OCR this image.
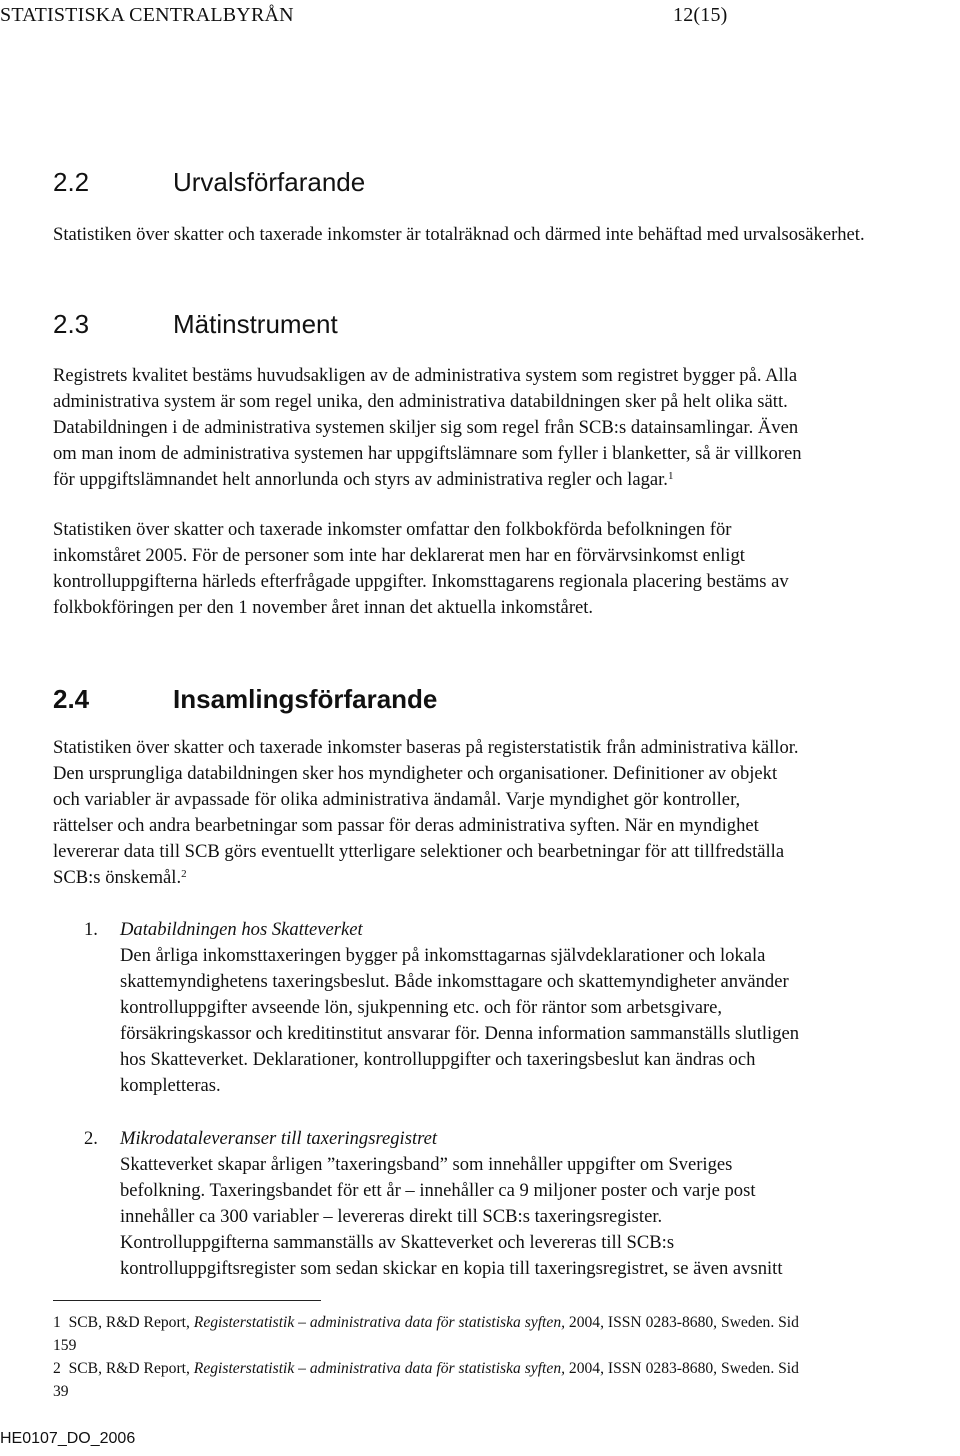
STATISTISKA CENTRALBYRÅN	12(15)
2.2	Urvalsförfarande

Statistiken över skatter och taxerade inkomster är totalräknad och därmed inte behäftad med urvalsosäkerhet.

2.3	Mätinstrument
Registrets kvalitet bestäms huvudsakligen av de administrativa system som registret bygger på. Alla
administrativa system är som regel unika, den administrativa databildningen sker på helt olika sätt.
Databildningen i de administrativa systemen skiljer sig som regel från SCB:s datainsamlingar. Även
om man inom de administrativa systemen har uppgiftslämnare som fyller i blanketter, så är villkoren
för uppgiftslämnandet helt annorlunda och styrs av administrativa regler och lagar.$^1$
Statistiken över skatter och taxerade inkomster omfattar den folkbokförda befolkningen för
inkomståret 2005. För de personer som inte har deklarerat men har en förvärvsinkomst enligt
kontrolluppgifterna härleds efterfrågade uppgifter. Inkomsttagarens regionala placering bestäms av
folkbokföringen per den 1 november året innan det aktuella inkomståret.
2.4	Insamlingsförfarande
Statistiken över skatter och taxerade inkomster baseras på registerstatistik från administrativa källor.
Den ursprungliga databildningen sker hos myndigheter och organisationer. Definitioner av objekt
och variabler är avpassade för olika administrativa ändamål. Varje myndighet gör kontroller,
rättelser och andra bearbetningar som passar för deras administrativa syften. När en myndighet
levererar data till SCB görs eventuellt ytterligare selektioner och bearbetningar för att tillfredställa
SCB:s önskemål.$^2$
1. Databildningen hos Skatteverket
Den årliga inkomsttaxeringen bygger på inkomsttagarnas självdeklarationer och lokala
skattemyndighetens taxeringsbeslut. Både inkomsttagare och skattemyndigheter använder
kontrolluppgifter avseende lön, sjukpenning etc. och för räntor som arbetsgivare,
försäkringskassor och kreditinstitut ansvarar för. Denna information sammanställs slutligen
hos Skatteverket. Deklarationer, kontrolluppgifter och taxeringsbeslut kan ändras och
kompletteras.
2. Mikrodataleveranser till taxeringsregistret
Skatteverket skapar årligen ”taxeringsband” som innehåller uppgifter om Sveriges
befolkning. Taxeringsbandet för ett år – innehåller ca 9 miljoner poster och varje post
innehåller ca 300 variabler – levereras direkt till SCB:s taxeringsregister.
Kontrolluppgifterna sammanställs av Skatteverket och levereras till SCB:s
kontrolluppgiftsregister som sedan skickar en kopia till taxeringsregistret, se även avsnitt
1 SCB, R&D Report, Registerstatistik – administrativa data för statistiska syften, 2004, ISSN 0283-8680, Sweden. Sid
159
2 SCB, R&D Report, Registerstatistik – administrativa data för statistiska syften, 2004, ISSN 0283-8680, Sweden. Sid
39
HE0107_DO_2006
